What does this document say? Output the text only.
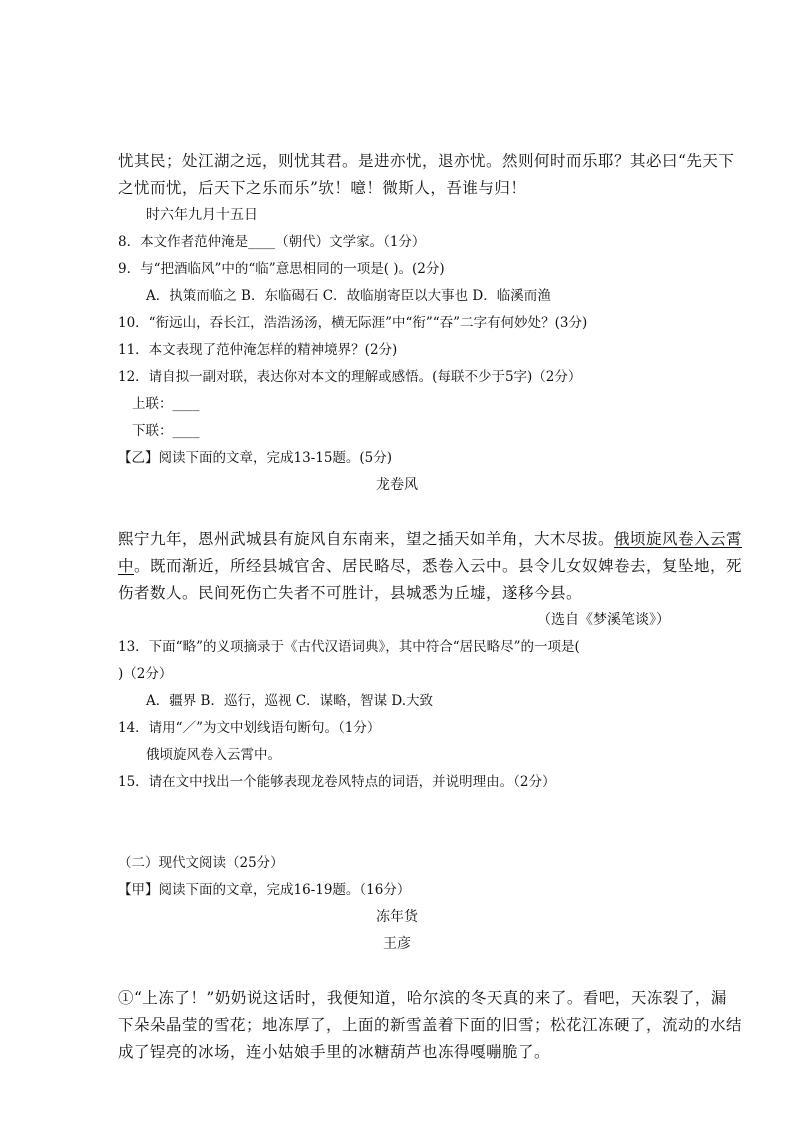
忧其民；处江湖之远，则忧其君。是进亦忧，退亦忧。然则何时而乐耶？其必曰“先天下
之忧而忧，后天下之乐而乐”欤！噫！微斯人，吾谁与归！
时六年九月十五日
8．本文作者范仲淹是____（朝代）文学家。（1分）
9．与“把酒临风”中的“临”意思相同的一项是( )。(2分)
A．执策而临之 B．东临碣石 C．故临崩寄臣以大事也 D．临溪而渔
10．“衔远山，吞长江，浩浩汤汤，横无际涯”中“衔”“吞”二字有何妙处？(3分)
11．本文表现了范仲淹怎样的精神境界？(2分)
12．请自拟一副对联，表达你对本文的理解或感悟。(每联不少于5字)（2分）
上联：____
下联：____
【乙】阅读下面的文章，完成13-15题。(5分)
龙卷风
熙宁九年，恩州武城县有旋风自东南来，望之插天如羊角，大木尽拔。俄顷旋风卷入云霄
中。既而渐近，所经县城官舍、居民略尽，悉卷入云中。县令儿女奴婢卷去，复坠地，死
伤者数人。民间死伤亡失者不可胜计，县城悉为丘墟，遂移今县。
（选自《梦溪笔谈》）
13．下面“略”的义项摘录于《古代汉语词典》，其中符合“居民略尽”的一项是(
)（2分）
A．疆界 B．巡行，巡视 C．谋略，智谋 D.大致
14．请用“／”为文中划线语句断句。（1分）
俄顷旋风卷入云霄中。
15．请在文中找出一个能够表现龙卷风特点的词语，并说明理由。（2分）
（二）现代文阅读（25分）
【甲】阅读下面的文章，完成16-19题。（16分）
冻年货
王彦
①“上冻了！”奶奶说这话时，我便知道，哈尔滨的冬天真的来了。看吧，天冻裂了，漏
下朵朵晶莹的雪花；地冻厚了，上面的新雪盖着下面的旧雪；松花江冻硬了，流动的水结
成了锃亮的冰场，连小姑娘手里的冰糖葫芦也冻得嘎嘣脆了。
